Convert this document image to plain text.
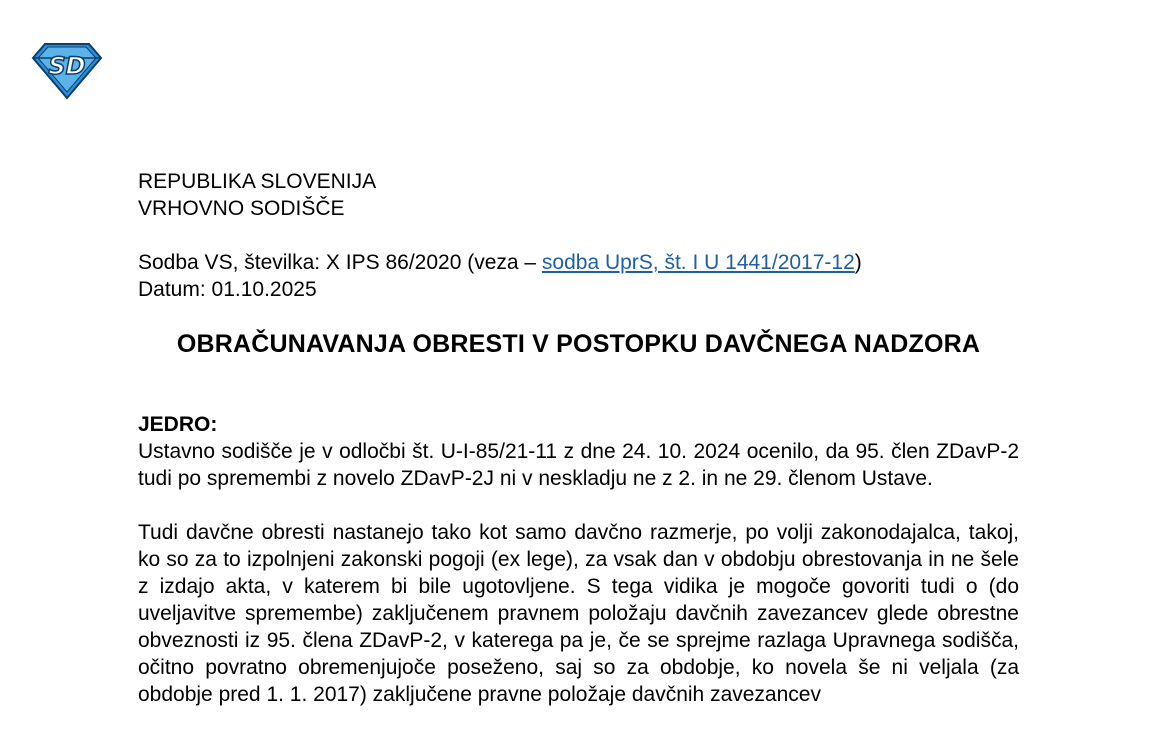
SD
REPUBLIKA SLOVENIJA
VRHOVNO SODIŠČE
Sodba VS, številka: X IPS 86/2020 (veza – sodba UprS, št. I U 1441/2017-12)
Datum: 01.10.2025
OBRAČUNAVANJA OBRESTI V POSTOPKU DAVČNEGA NADZORA
JEDRO:
Ustavno sodišče je v odločbi št. U-I-85/21-11 z dne 24. 10. 2024 ocenilo, da 95. člen ZDavP-2 tudi po spremembi z novelo ZDavP-2J ni v neskladju ne z 2. in ne 29. členom Ustave.
Tudi davčne obresti nastanejo tako kot samo davčno razmerje, po volji zakonodajalca, takoj, ko so za to izpolnjeni zakonski pogoji (ex lege), za vsak dan v obdobju obrestovanja in ne šele z izdajo akta, v katerem bi bile ugotovljene. S tega vidika je mogoče govoriti tudi o (do uveljavitve spremembe) zaključenem pravnem položaju davčnih zavezancev glede obrestne obveznosti iz 95. člena ZDavP-2, v katerega pa je, če se sprejme razlaga Upravnega sodišča, očitno povratno obremenjujoče poseženo, saj so za obdobje, ko novela še ni veljala (za obdobje pred 1. 1. 2017) zaključene pravne položaje davčnih zavezancev
